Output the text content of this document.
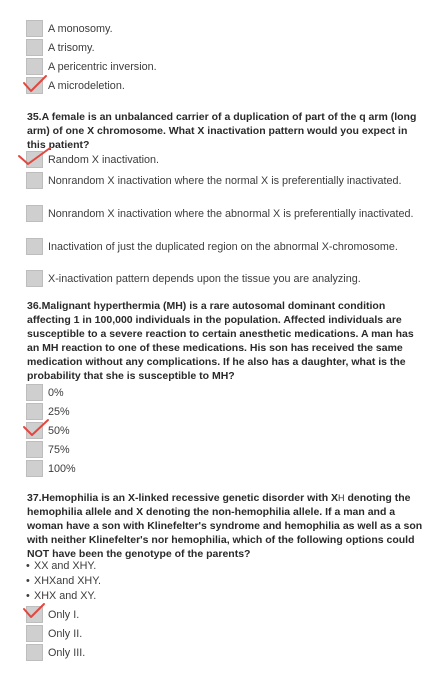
A monosomy.
A trisomy.
A pericentric inversion.
A microdeletion.
35.A female is an unbalanced carrier of a duplication of part of the q arm (long arm) of one X chromosome. What X inactivation pattern would you expect in this patient?
Random X inactivation.
Nonrandom X inactivation where the normal X is preferentially inactivated.
Nonrandom X inactivation where the abnormal X is preferentially inactivated.
Inactivation of just the duplicated region on the abnormal X-chromosome.
X-inactivation pattern depends upon the tissue you are analyzing.
36.Malignant hyperthermia (MH) is a rare autosomal dominant condition affecting 1 in 100,000 individuals in the population. Affected individuals are susceptible to a severe reaction to certain anesthetic medications. A man has an MH reaction to one of these medications. His son has received the same medication without any complications. If he also has a daughter, what is the probability that she is susceptible to MH?
0%
25%
50%
75%
100%
37.Hemophilia is an X-linked recessive genetic disorder with XH denoting the hemophilia allele and X denoting the non-hemophilia allele. If a man and a woman have a son with Klinefelter's syndrome and hemophilia as well as a son with neither Klinefelter's nor hemophilia, which of the following options could NOT have been the genotype of the parents?
• XX and XHY.
• XHXand XHY.
• XHX and XY.
Only I.
Only II.
Only III.
